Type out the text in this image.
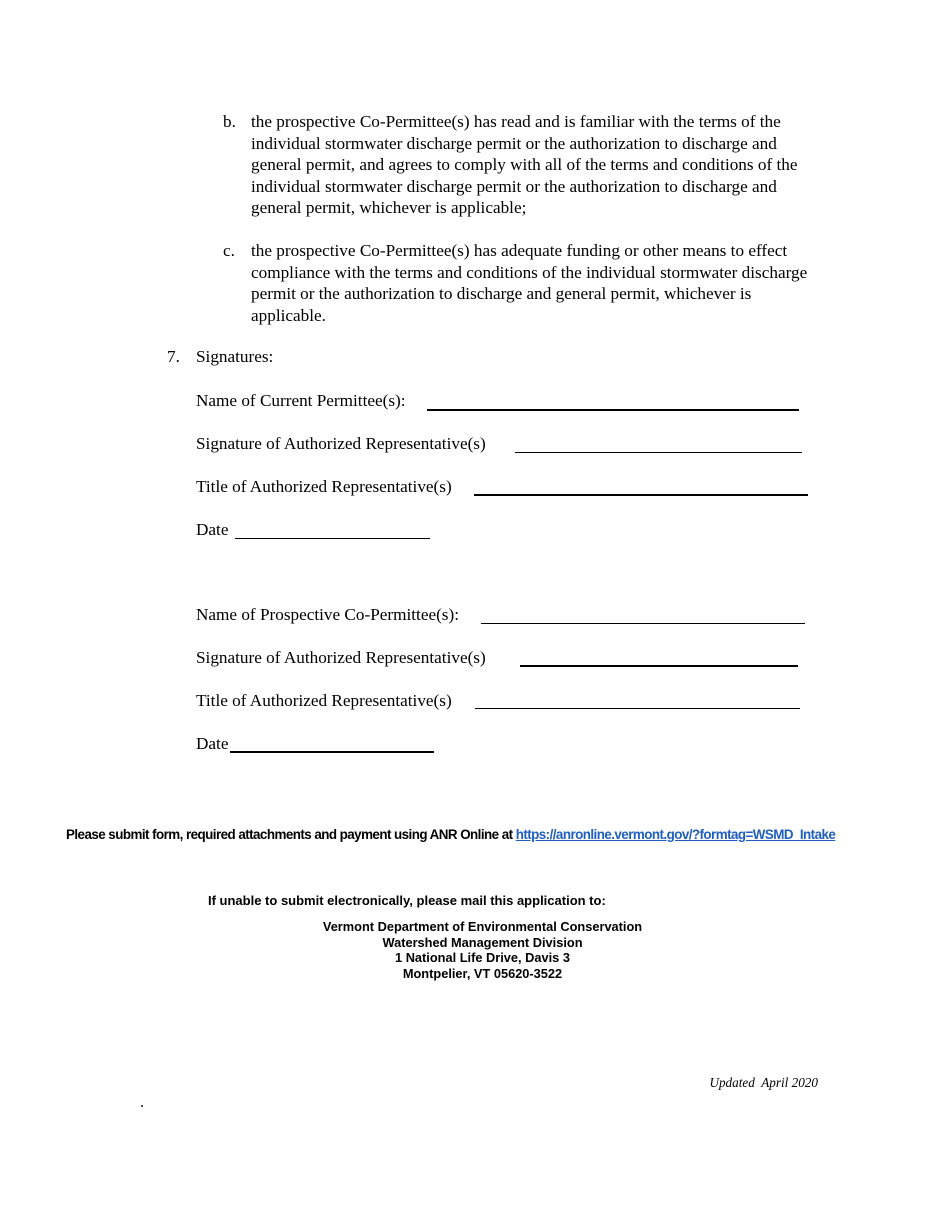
b. the prospective Co-Permittee(s) has read and is familiar with the terms of the individual stormwater discharge permit or the authorization to discharge and general permit, and agrees to comply with all of the terms and conditions of the individual stormwater discharge permit or the authorization to discharge and general permit, whichever is applicable;
c. the prospective Co-Permittee(s) has adequate funding or other means to effect compliance with the terms and conditions of the individual stormwater discharge permit or the authorization to discharge and general permit, whichever is applicable.
7. Signatures:
Name of Current Permittee(s):
Signature of Authorized Representative(s)
Title of Authorized Representative(s)
Date
Name of Prospective Co-Permittee(s):
Signature of Authorized Representative(s)
Title of Authorized Representative(s)
Date
Please submit form, required attachments and payment using ANR Online at https://anronline.vermont.gov/?formtag=WSMD_Intake
If unable to submit electronically, please mail this application to:
Vermont Department of Environmental Conservation
Watershed Management Division
1 National Life Drive, Davis 3
Montpelier, VT 05620-3522
Updated  April 2020
.
